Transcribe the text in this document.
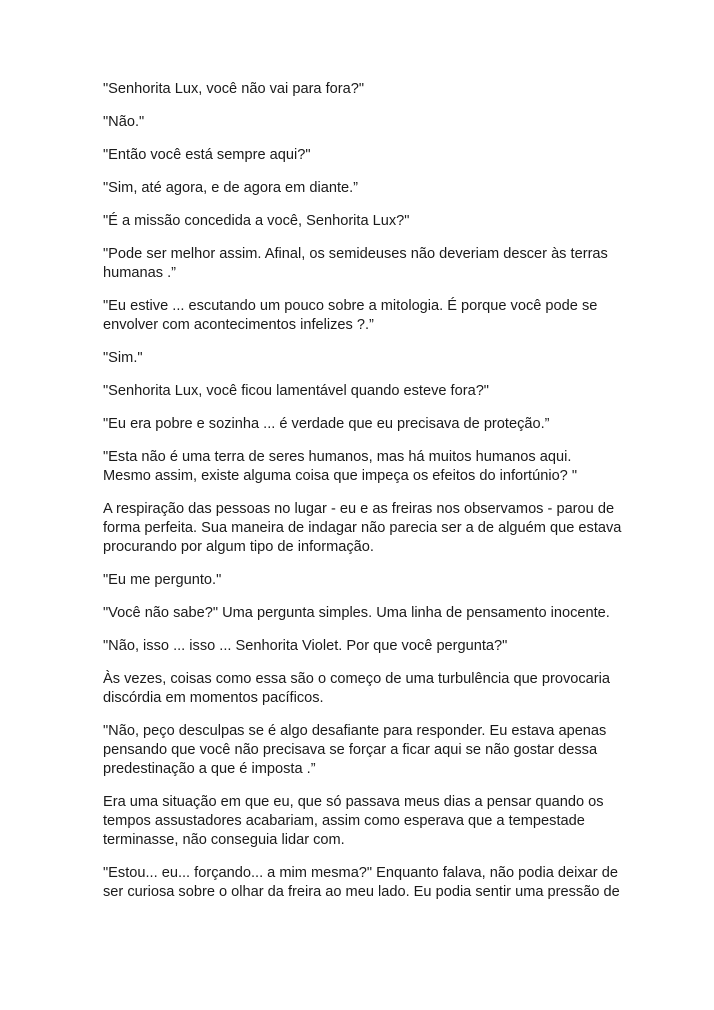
"Senhorita Lux, você não vai para fora?"

"Não."

"Então você está sempre aqui?"

"Sim, até agora, e de agora em diante.”

"É a missão concedida a você, Senhorita Lux?"

"Pode ser melhor assim. Afinal, os semideuses não deveriam descer às terras humanas .”

"Eu estive ... escutando um pouco sobre a mitologia. É porque você pode se envolver com acontecimentos infelizes ?.”

"Sim."

"Senhorita Lux, você ficou lamentável quando esteve fora?"

"Eu era pobre e sozinha ... é verdade que eu precisava de proteção.”

"Esta não é uma terra de seres humanos, mas há muitos humanos aqui. Mesmo assim, existe alguma coisa que impeça os efeitos do infortúnio? "

A respiração das pessoas no lugar - eu e as freiras nos observamos - parou de forma perfeita. Sua maneira de indagar não parecia ser a de alguém que estava procurando por algum tipo de informação.

"Eu me pergunto."

"Você não sabe?" Uma pergunta simples. Uma linha de pensamento inocente.

"Não, isso ... isso ... Senhorita Violet. Por que você pergunta?"

Às vezes, coisas como essa são o começo de uma turbulência que provocaria discórdia em momentos pacíficos.

"Não, peço desculpas se é algo desafiante para responder. Eu estava apenas pensando que você não precisava se forçar a ficar aqui se não gostar dessa predestinação a que é imposta .”

Era uma situação em que eu, que só passava meus dias a pensar quando os tempos assustadores acabariam, assim como esperava que a tempestade terminasse, não conseguia lidar com.

"Estou... eu... forçando... a mim mesma?" Enquanto falava, não podia deixar de ser curiosa sobre o olhar da freira ao meu lado. Eu podia sentir uma pressão de
